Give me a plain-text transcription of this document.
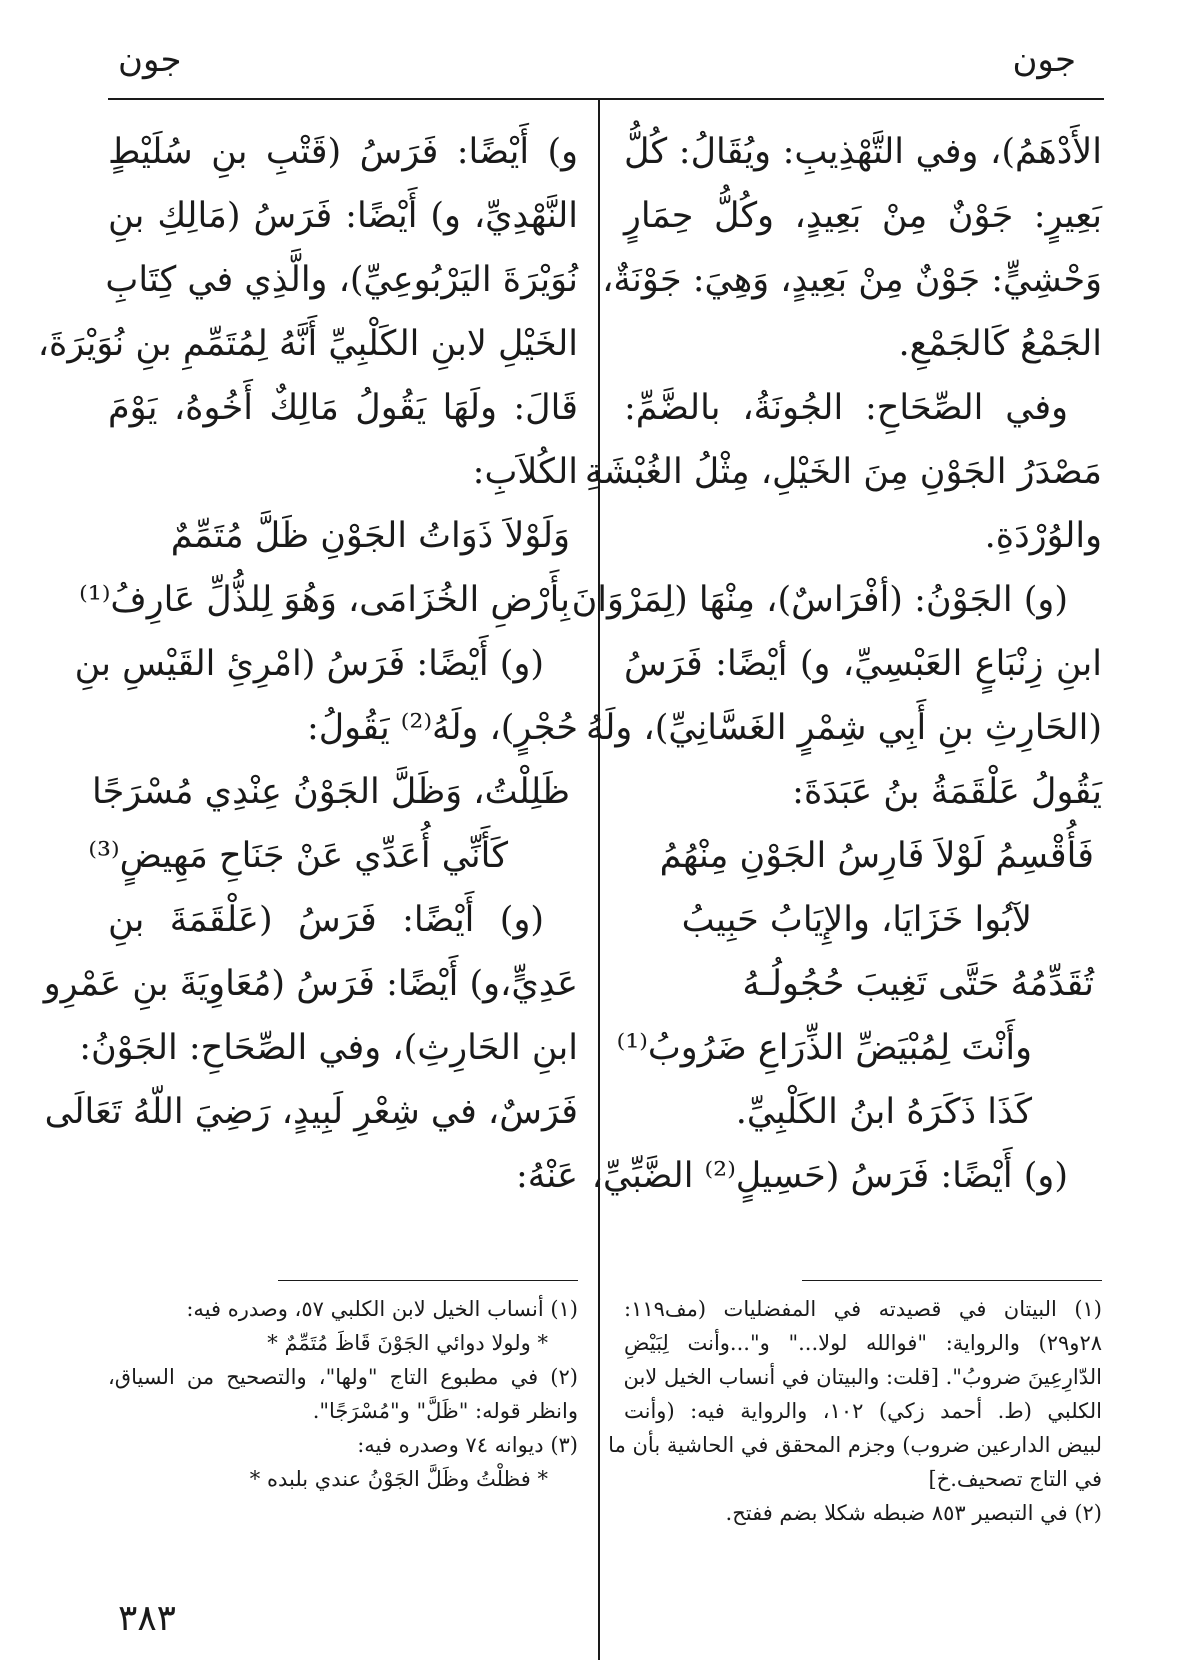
جون
جون
الأَدْهَمُ)، وفي التَّهْذِيبِ: ويُقَالُ: كُلُّ
بَعِيرٍ: جَوْنٌ مِنْ بَعِيدٍ، وكُلُّ حِمَارٍ
وَحْشِيٍّ: جَوْنٌ مِنْ بَعِيدٍ، وَهِيَ: جَوْنَةٌ،
الجَمْعُ كَالجَمْعِ.
وفي الصِّحَاحِ: الجُونَةُ، بالضَّمِّ:
مَصْدَرُ الجَوْنِ مِنَ الخَيْلِ، مِثْلُ الغُبْشَةِ
والوُرْدَةِ.
(و) الجَوْنُ: (أفْرَاسٌ)، مِنْهَا (لِمَرْوَانَ
ابنِ زِنْبَاعٍ العَبْسِيِّ، و) أيْضًا: فَرَسُ
(الحَارِثِ بنِ أَبِي شِمْرٍ الغَسَّانِيِّ)، ولَهُ
يَقُولُ عَلْقَمَةُ بنُ عَبَدَةَ:
فَأُقْسِمُ لَوْلاَ فَارِسُ الجَوْنِ مِنْهُمُ
لآبُوا خَزَايَا، والإِيَابُ حَبِيبُ
تُقَدِّمُهُ حَتَّى تَغِيبَ حُجُولُـهُ
وأَنْتَ لِمُبْيَضِّ الذِّرَاعِ ضَرُوبُ⁽¹⁾
كَذَا ذَكَرَهُ ابنُ الكَلْبِيِّ.
(و) أَيْضًا: فَرَسُ (حَسِيلٍ⁽²⁾ الضَّبِّيِّ،
و) أَيْضًا: فَرَسُ (قَتْبِ بنِ سُلَيْطٍ
النَّهْدِيِّ، و) أَيْضًا: فَرَسُ (مَالِكِ بنِ
نُوَيْرَةَ اليَرْبُوعِيِّ)، والَّذِي في كِتَابِ
الخَيْلِ لابنِ الكَلْبِيِّ أَنَّهُ لِمُتَمِّمِ بنِ نُوَيْرَةَ،
قَالَ: ولَهَا يَقُولُ مَالِكٌ أَخُوهُ، يَوْمَ
الكُلاَبِ:
وَلَوْلاَ ذَوَاتُ الجَوْنِ ظَلَّ مُتَمِّمٌ
بِأَرْضِ الخُزَامَى، وَهُوَ لِلذُّلِّ عَارِفُ⁽¹⁾
(و) أَيْضًا: فَرَسُ (امْرِئِ القَيْسِ بنِ
حُجْرٍ)، ولَهُ⁽²⁾ يَقُولُ:
ظَلِلْتُ، وَظَلَّ الجَوْنُ عِنْدِي مُسْرَجًا
كَأَنِّي أُعَدِّي عَنْ جَنَاحِ مَهِيضٍ⁽³⁾
(و) أَيْضًا: فَرَسُ (عَلْقَمَةَ بنِ
عَدِيٍّ،و) أَيْضًا: فَرَسُ (مُعَاوِيَةَ بنِ عَمْرِو
ابنِ الحَارِثِ)، وفي الصِّحَاحِ: الجَوْنُ:
فَرَسٌ، في شِعْرِ لَبِيدٍ، رَضِيَ اللّهُ تَعَالَى
عَنْهُ:
(١) البيتان في قصيدته في المفضليات (مف١١٩:
٢٨و٢٩) والرواية: "فوالله لولا..." و"...وأنت لِبَيْضِ
الدّارِعِينَ ضروبُ". [قلت: والبيتان في أنساب الخيل لابن
الكلبي (ط. أحمد زكي) ١٠٢، والرواية فيه: (وأنت
لبيض الدارعين ضروب) وجزم المحقق في الحاشية بأن ما
في التاج تصحيف.خ]
(٢) في التبصير ٨٥٣ ضبطه شكلا بضم ففتح.
(١) أنساب الخيل لابن الكلبي ٥٧، وصدره فيه:
* ولولا دوائي الجَوْنَ قَاظَ مُتَمِّمٌ *
(٢) في مطبوع التاج "ولها"، والتصحيح من السياق،
وانظر قوله: "ظَلَّ" و"مُسْرَجًا".
(٣) ديوانه ٧٤ وصدره فيه:
* فظلْتُ وظَلَّ الجَوْنُ عندي بلبده *
٣٨٣
